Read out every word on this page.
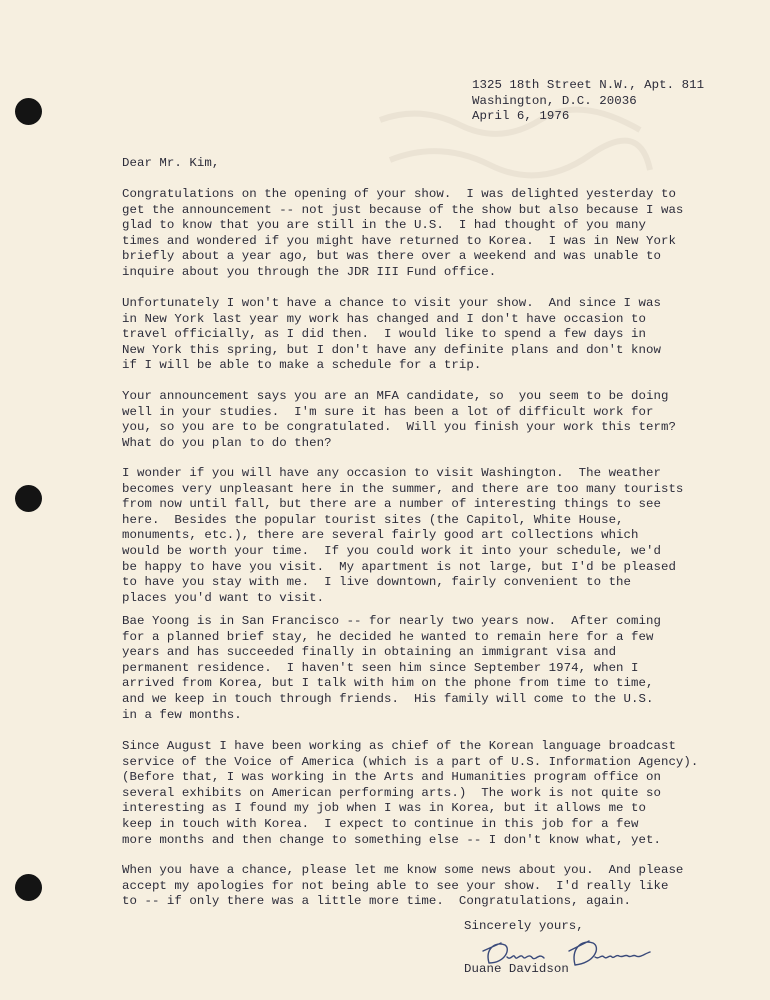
1325 18th Street N.W., Apt. 811
Washington, D.C. 20036
April 6, 1976
Dear Mr. Kim,
Congratulations on the opening of your show.  I was delighted yesterday to
get the announcement -- not just because of the show but also because I was
glad to know that you are still in the U.S.  I had thought of you many
times and wondered if you might have returned to Korea.  I was in New York
briefly about a year ago, but was there over a weekend and was unable to
inquire about you through the JDR III Fund office.
Unfortunately I won't have a chance to visit your show.  And since I was
in New York last year my work has changed and I don't have occasion to
travel officially, as I did then.  I would like to spend a few days in
New York this spring, but I don't have any definite plans and don't know
if I will be able to make a schedule for a trip.
Your announcement says you are an MFA candidate, so  you seem to be doing
well in your studies.  I'm sure it has been a lot of difficult work for
you, so you are to be congratulated.  Will you finish your work this term?
What do you plan to do then?
I wonder if you will have any occasion to visit Washington.  The weather
becomes very unpleasant here in the summer, and there are too many tourists
from now until fall, but there are a number of interesting things to see
here.  Besides the popular tourist sites (the Capitol, White House,
monuments, etc.), there are several fairly good art collections which
would be worth your time.  If you could work it into your schedule, we'd
be happy to have you visit.  My apartment is not large, but I'd be pleased
to have you stay with me.  I live downtown, fairly convenient to the
places you'd want to visit.
Bae Yoong is in San Francisco -- for nearly two years now.  After coming
for a planned brief stay, he decided he wanted to remain here for a few
years and has succeeded finally in obtaining an immigrant visa and
permanent residence.  I haven't seen him since September 1974, when I
arrived from Korea, but I talk with him on the phone from time to time,
and we keep in touch through friends.  His family will come to the U.S.
in a few months.
Since August I have been working as chief of the Korean language broadcast
service of the Voice of America (which is a part of U.S. Information Agency).
(Before that, I was working in the Arts and Humanities program office on
several exhibits on American performing arts.)  The work is not quite so
interesting as I found my job when I was in Korea, but it allows me to
keep in touch with Korea.  I expect to continue in this job for a few
more months and then change to something else -- I don't know what, yet.
When you have a chance, please let me know some news about you.  And please
accept my apologies for not being able to see your show.  I'd really like
to -- if only there was a little more time.  Congratulations, again.
Sincerely yours,
Duane Davidson
